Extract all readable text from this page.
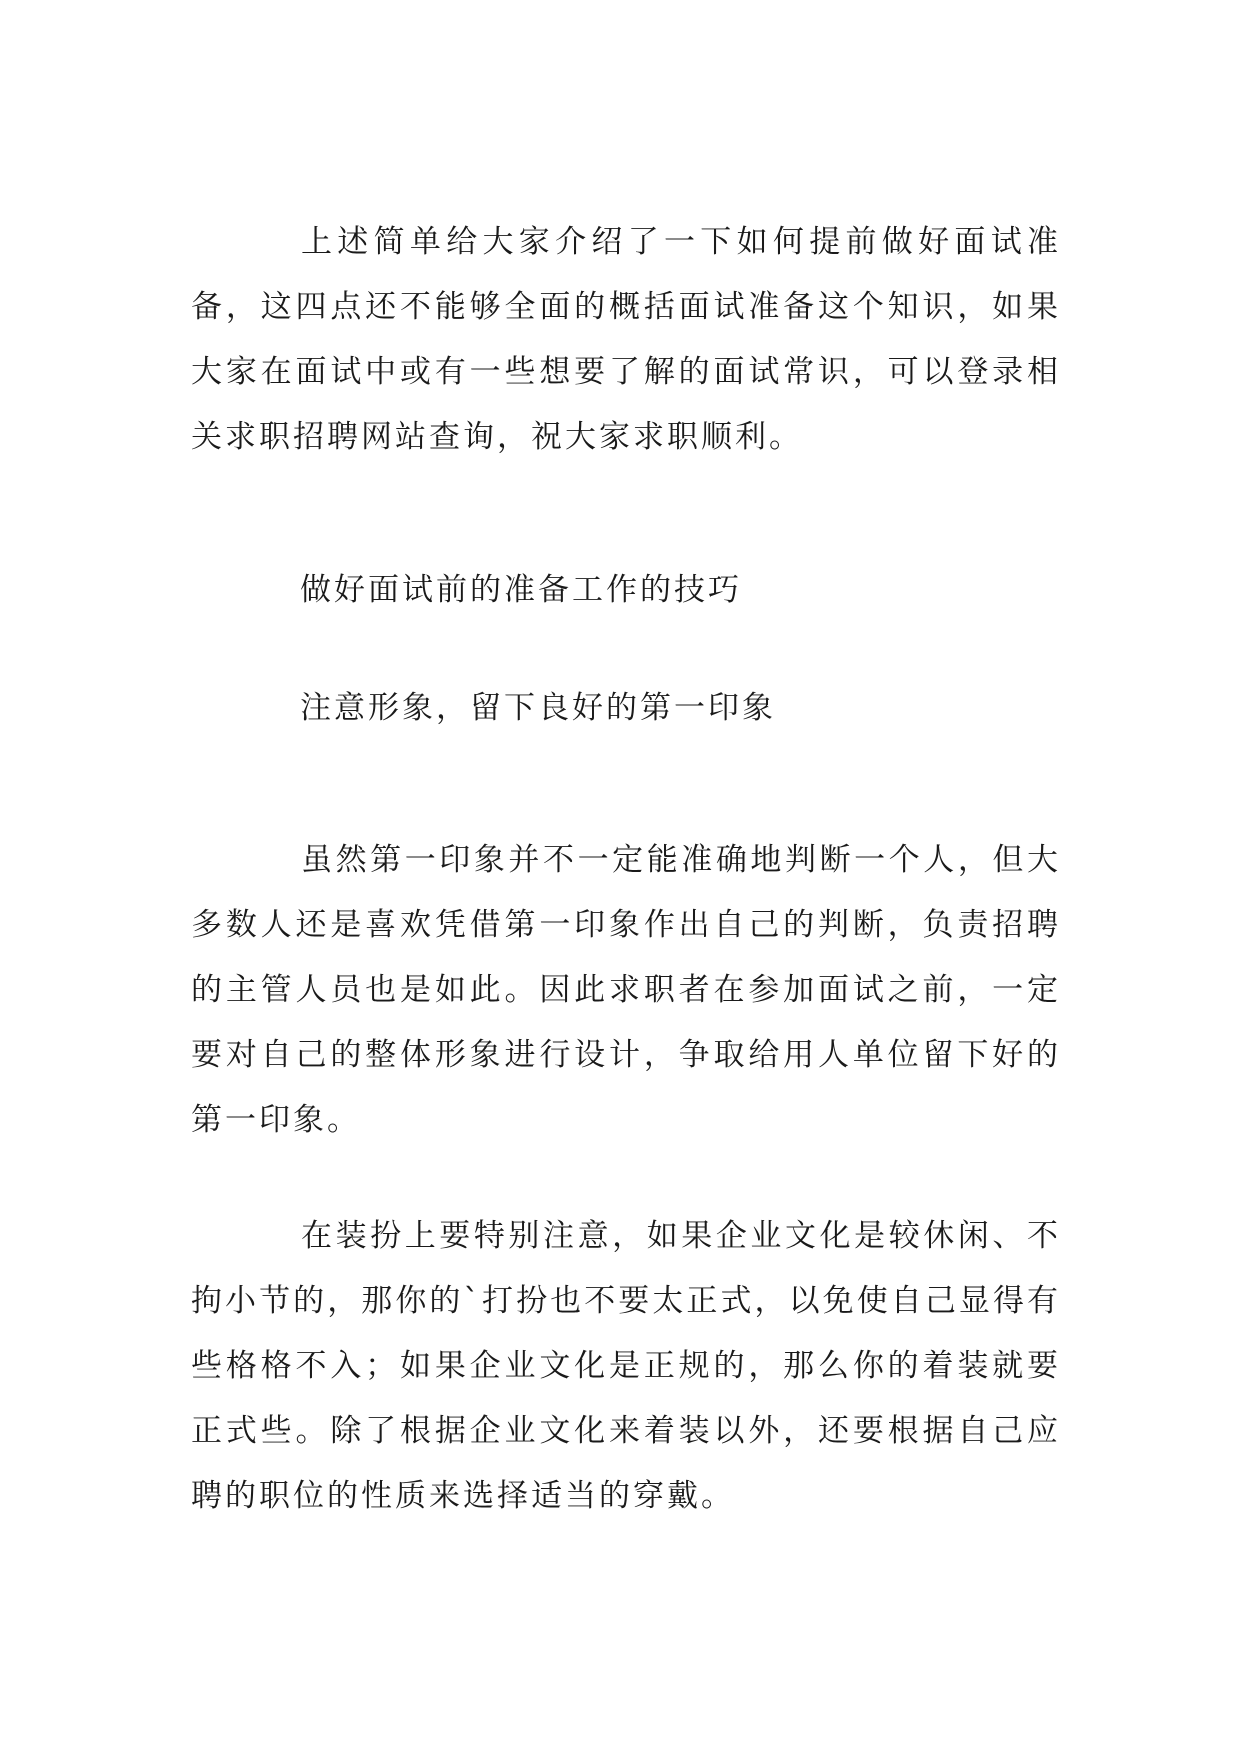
上述简单给大家介绍了一下如何提前做好面试准备，这四点还不能够全面的概括面试准备这个知识，如果大家在面试中或有一些想要了解的面试常识，可以登录相关求职招聘网站查询，祝大家求职顺利。

做好面试前的准备工作的技巧

注意形象，留下良好的第一印象

虽然第一印象并不一定能准确地判断一个人，但大多数人还是喜欢凭借第一印象作出自己的判断，负责招聘的主管人员也是如此。因此求职者在参加面试之前，一定要对自己的整体形象进行设计，争取给用人单位留下好的第一印象。

在装扮上要特别注意，如果企业文化是较休闲、不拘小节的，那你的`打扮也不要太正式，以免使自己显得有些格格不入；如果企业文化是正规的，那么你的着装就要正式些。除了根据企业文化来着装以外，还要根据自己应聘的职位的性质来选择适当的穿戴。
